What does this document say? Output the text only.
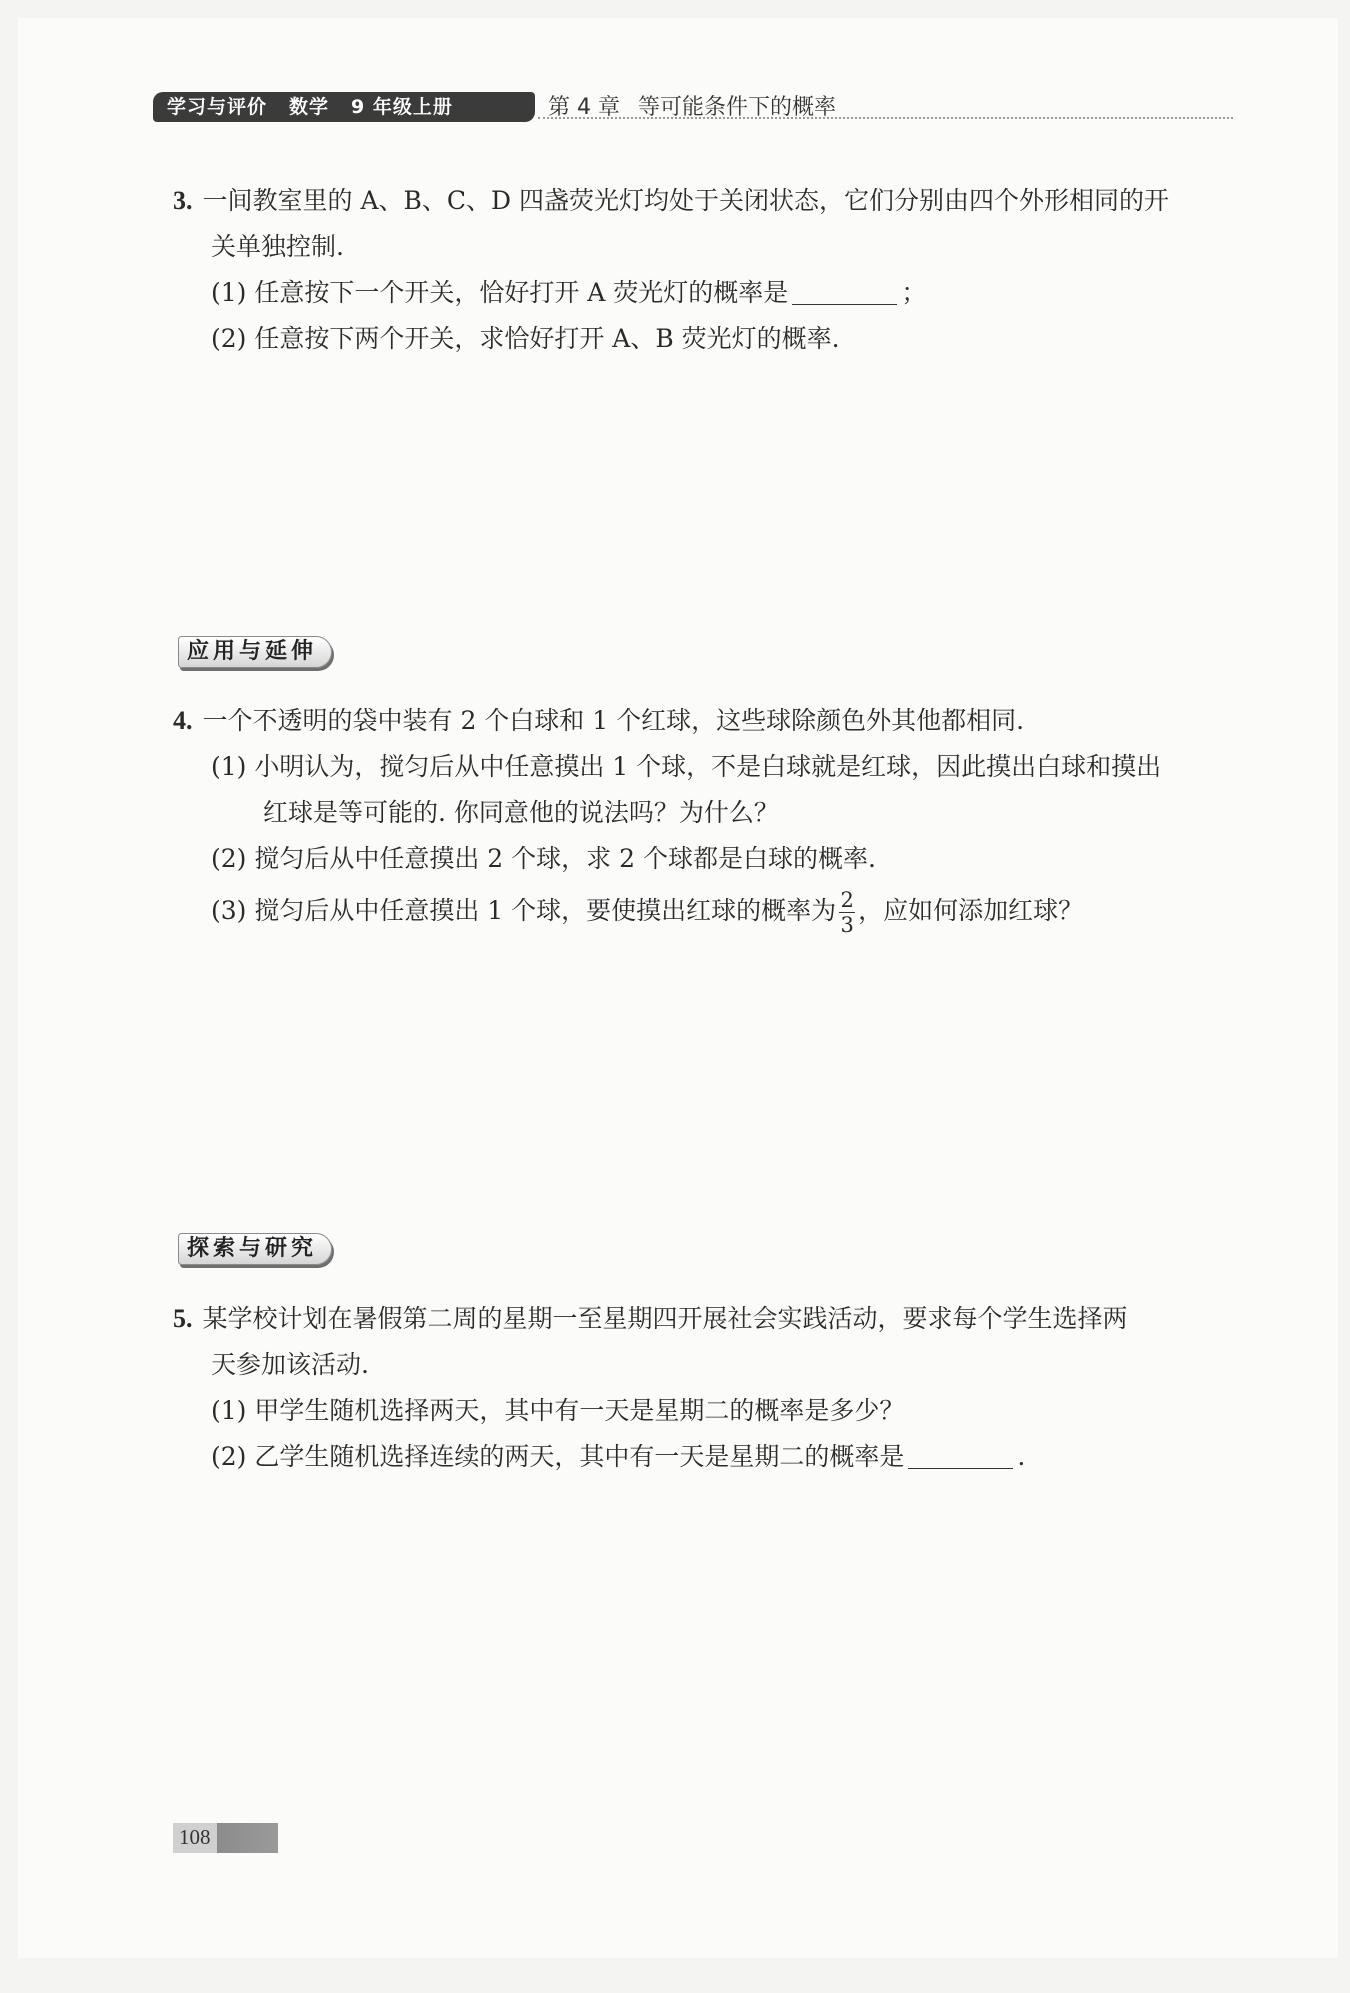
学习与评价 数学 9 年级上册	第 4 章 等可能条件下的概率
3. 一间教室里的 A、B、C、D 四盏荧光灯均处于关闭状态，它们分别由四个外形相同的开
关单独控制.
(1) 任意按下一个开关，恰好打开 A 荧光灯的概率是	；
(2) 任意按下两个开关，求恰好打开 A、B 荧光灯的概率.
应用与延伸
4. 一个不透明的袋中装有 2 个白球和 1 个红球，这些球除颜色外其他都相同.
(1) 小明认为，搅匀后从中任意摸出 1 个球，不是白球就是红球，因此摸出白球和摸出
红球是等可能的. 你同意他的说法吗？为什么？
(2) 搅匀后从中任意摸出 2 个球，求 2 个球都是白球的概率.
(3) 搅匀后从中任意摸出 1 个球，要使摸出红球的概率为 $\frac{2}{3}$ ，应如何添加红球？
探索与研究
5. 某学校计划在暑假第二周的星期一至星期四开展社会实践活动，要求每个学生选择两
天参加该活动.
(1) 甲学生随机选择两天，其中有一天是星期二的概率是多少？
(2) 乙学生随机选择连续的两天，其中有一天是星期二的概率是	.
108
